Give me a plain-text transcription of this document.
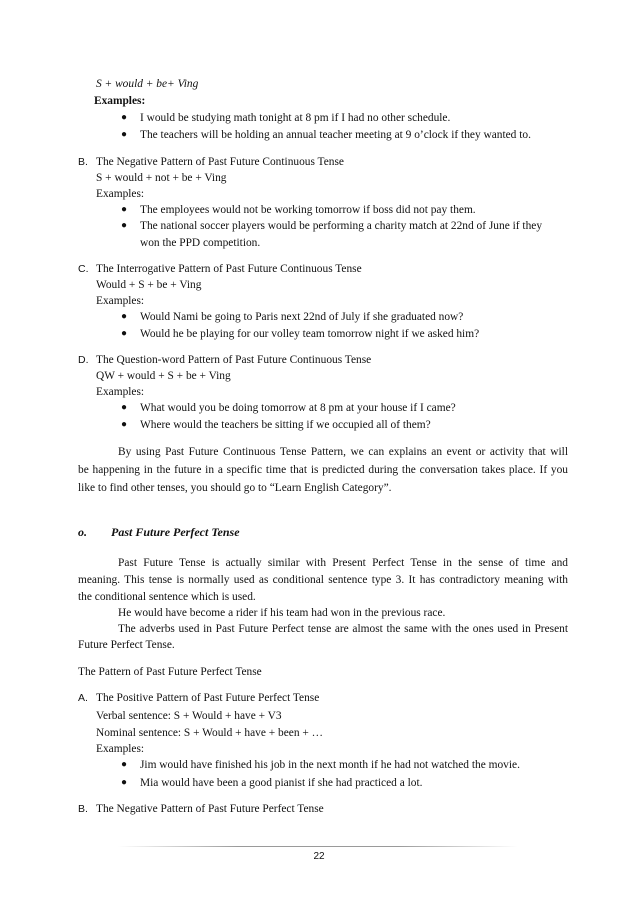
S + would + be+ Ving
Examples:
● I would be studying math tonight at 8 pm if I had no other schedule.
● The teachers will be holding an annual teacher meeting at 9 o’clock if they wanted to.
B. The Negative Pattern of Past Future Continuous Tense
S + would + not + be + Ving
Examples:
● The employees would not be working tomorrow if boss did not pay them.
● The national soccer players would be performing a charity match at 22nd of June if they
won the PPD competition.
C. The Interrogative Pattern of Past Future Continuous Tense
Would + S + be + Ving
Examples:
● Would Nami be going to Paris next 22nd of July if she graduated now?
● Would he be playing for our volley team tomorrow night if we asked him?
D. The Question-word Pattern of Past Future Continuous Tense
QW + would + S + be + Ving
Examples:
● What would you be doing tomorrow at 8 pm at your house if I came?
● Where would the teachers be sitting if we occupied all of them?
By using Past Future Continuous Tense Pattern, we can explains an event or activity that will
be happening in the future in a specific time that is predicted during the conversation takes place. If you
like to find other tenses, you should go to “Learn English Category”.
o. Past Future Perfect Tense
Past Future Tense is actually similar with Present Perfect Tense in the sense of time and
meaning. This tense is normally used as conditional sentence type 3. It has contradictory meaning with
the conditional sentence which is used.
He would have become a rider if his team had won in the previous race.
The adverbs used in Past Future Perfect tense are almost the same with the ones used in Present
Future Perfect Tense.
The Pattern of Past Future Perfect Tense
A. The Positive Pattern of Past Future Perfect Tense
Verbal sentence: S + Would + have + V3
Nominal sentence: S + Would + have + been + …
Examples:
● Jim would have finished his job in the next month if he had not watched the movie.
● Mia would have been a good pianist if she had practiced a lot.
B. The Negative Pattern of Past Future Perfect Tense
22
